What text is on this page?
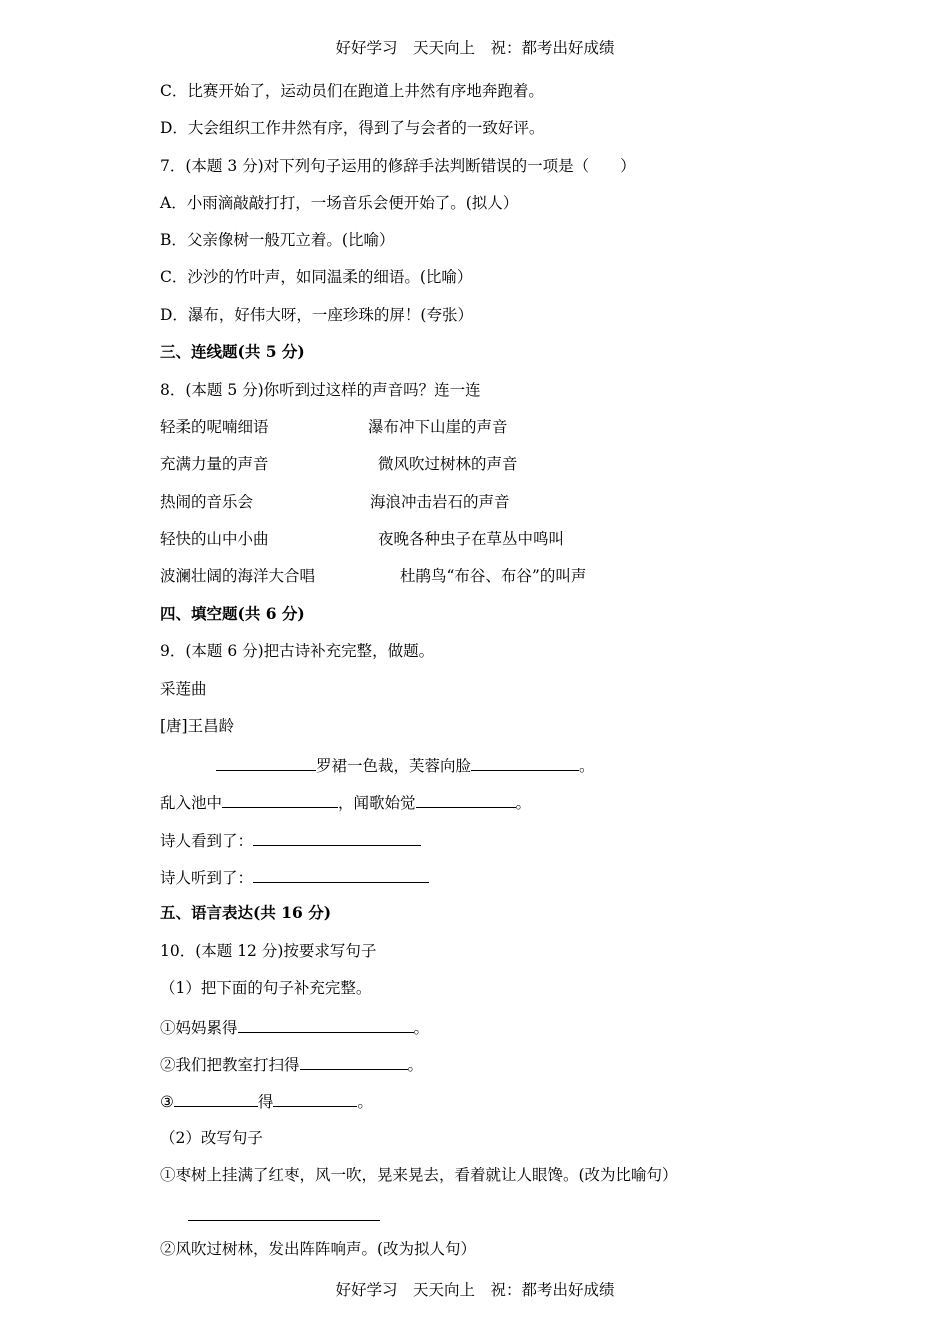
好好学习　天天向上　祝：都考出好成绩
C．比赛开始了，运动员们在跑道上井然有序地奔跑着。
D．大会组织工作井然有序，得到了与会者的一致好评。
7．(本题 3 分)对下列句子运用的修辞手法判断错误的一项是（　　）
A．小雨滴敲敲打打，一场音乐会便开始了。(拟人）
B．父亲像树一般兀立着。(比喻）
C．沙沙的竹叶声，如同温柔的细语。(比喻）
D．瀑布，好伟大呀，一座珍珠的屏！(夸张）
三、连线题(共 5 分)
8．(本题 5 分)你听到过这样的声音吗？连一连
轻柔的呢喃细语	瀑布冲下山崖的声音
充满力量的声音	微风吹过树林的声音
热闹的音乐会	海浪冲击岩石的声音
轻快的山中小曲	夜晚各种虫子在草丛中鸣叫
波澜壮阔的海洋大合唱	杜鹃鸟“布谷、布谷”的叫声
四、填空题(共 6 分)
9．(本题 6 分)把古诗补充完整，做题。
采莲曲
[唐]王昌龄
罗裙一色裁，芙蓉向脸	。
乱入池中	，闻歌始觉	。
诗人看到了：
诗人听到了：
五、语言表达(共 16 分)
10．(本题 12 分)按要求写句子
（1）把下面的句子补充完整。
①妈妈累得	。
②我们把教室打扫得	。
③	得	。
（2）改写句子
①枣树上挂满了红枣，风一吹，晃来晃去，看着就让人眼馋。(改为比喻句）
②风吹过树林，发出阵阵响声。(改为拟人句）
好好学习　天天向上　祝：都考出好成绩
